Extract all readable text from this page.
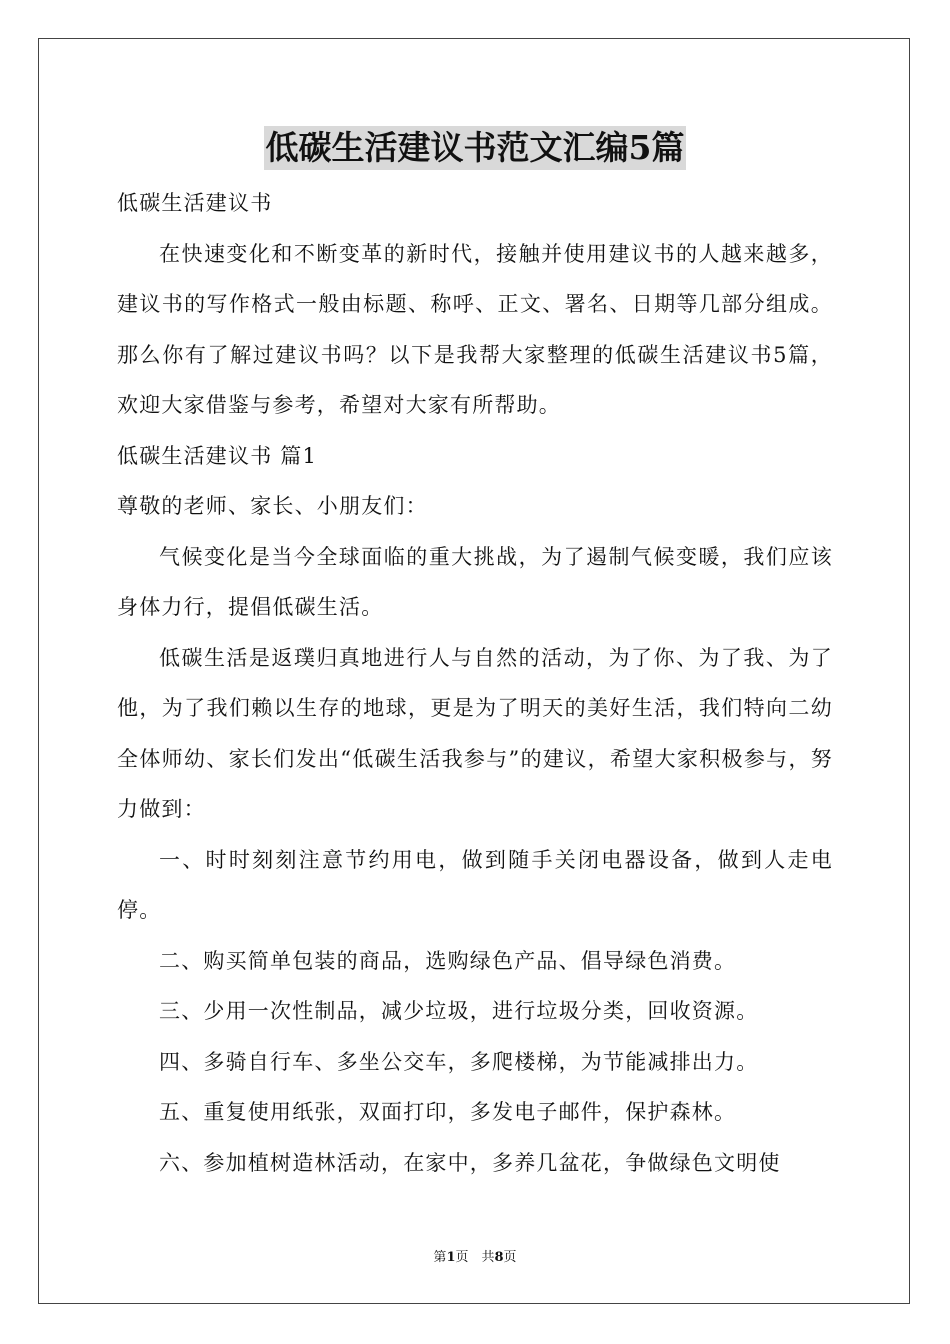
低碳生活建议书范文汇编5篇

低碳生活建议书

在快速变化和不断变革的新时代，接触并使用建议书的人越来越多，建议书的写作格式一般由标题、称呼、正文、署名、日期等几部分组成。那么你有了解过建议书吗？以下是我帮大家整理的低碳生活建议书5篇，欢迎大家借鉴与参考，希望对大家有所帮助。

低碳生活建议书 篇1

尊敬的老师、家长、小朋友们：

气候变化是当今全球面临的重大挑战，为了遏制气候变暖，我们应该身体力行，提倡低碳生活。

低碳生活是返璞归真地进行人与自然的活动，为了你、为了我、为了他，为了我们赖以生存的地球，更是为了明天的美好生活，我们特向二幼全体师幼、家长们发出“低碳生活我参与”的建议，希望大家积极参与，努力做到：

一、时时刻刻注意节约用电，做到随手关闭电器设备，做到人走电停。

二、购买简单包装的商品，选购绿色产品、倡导绿色消费。

三、少用一次性制品，减少垃圾，进行垃圾分类，回收资源。

四、多骑自行车、多坐公交车，多爬楼梯，为节能减排出力。

五、重复使用纸张，双面打印，多发电子邮件，保护森林。

六、参加植树造林活动，在家中，多养几盆花，争做绿色文明使

第1页　共8页
